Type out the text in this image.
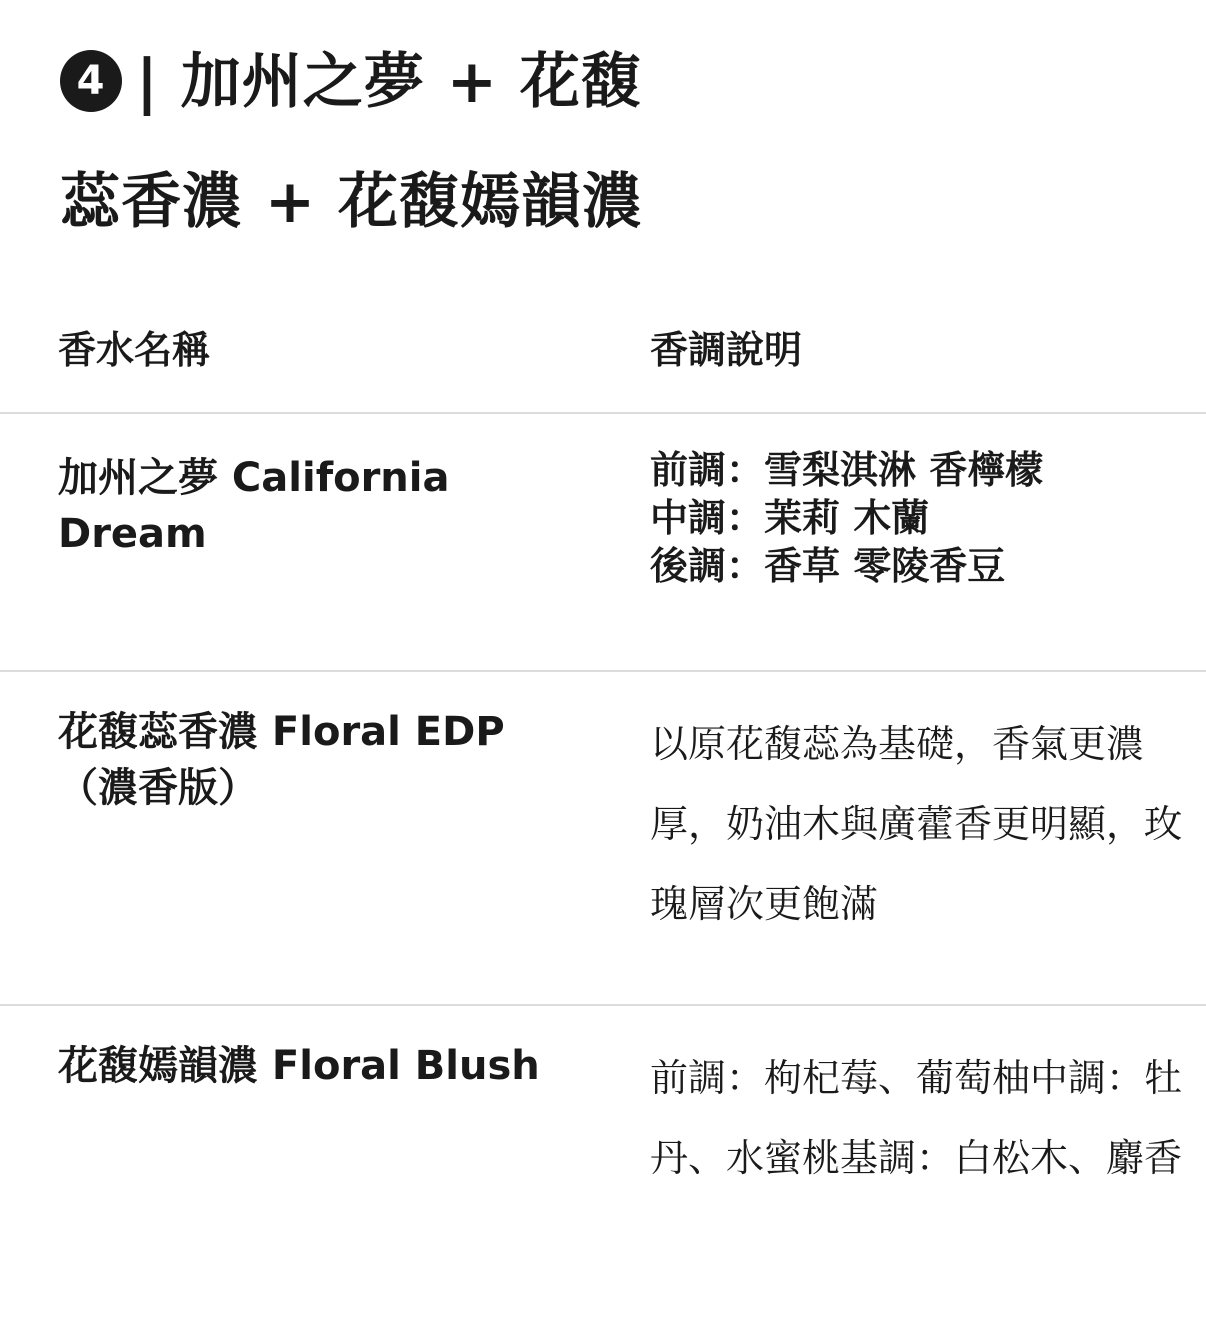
4 | 加州之夢 + 花馥
蕊香濃 + 花馥嫣韻濃
香水名稱	香調說明
加州之夢 California Dream	前調：雪梨淇淋 香檸檬
中調：茉莉 木蘭
後調：香草 零陵香豆

花馥蕊香濃 Floral EDP（濃香版）	以原花馥蕊為基礎，香氣更濃厚，奶油木與廣藿香更明顯，玫瑰層次更飽滿
花馥嫣韻濃 Floral Blush	前調：枸杞莓、葡萄柚中調：牡丹、水蜜桃基調：白松木、麝香
